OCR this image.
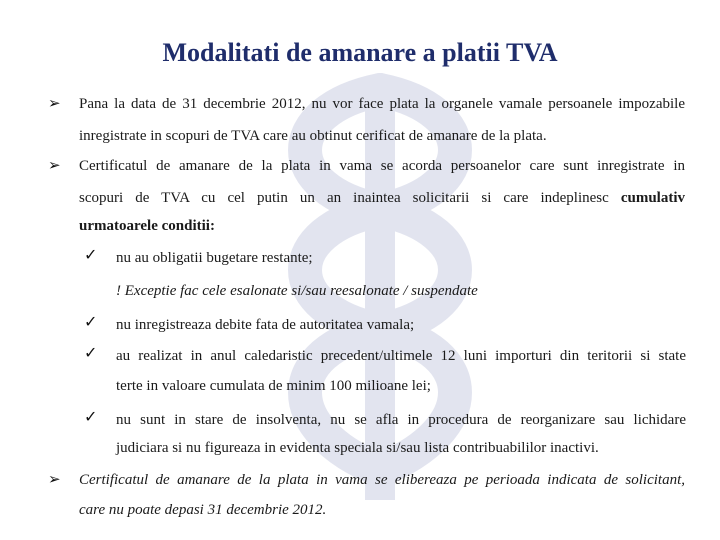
Modalitati de amanare a platii TVA
➢ Pana la data de 31 decembrie 2012, nu vor face plata la organele vamale persoanele impozabile
inregistrate in scopuri de TVA care au obtinut cerificat de amanare de la plata.
➢ Certificatul de amanare de la plata in vama se acorda persoanelor care sunt inregistrate in
scopuri de TVA cu cel putin un an inaintea solicitarii si care indeplinesc cumulativ
urmatoarele conditii:
✓ nu au obligatii bugetare restante;
! Exceptie fac cele esalonate si/sau reesalonate / suspendate
✓ nu inregistreaza debite fata de autoritatea vamala;
✓ au realizat in anul caledaristic precedent/ultimele 12 luni importuri din teritorii si state
terte in valoare cumulata de minim 100 milioane lei;
✓ nu sunt in stare de insolventa, nu se afla in procedura de reorganizare sau lichidare
judiciara si nu figureaza in evidenta speciala si/sau lista contribuabililor inactivi.
➢ Certificatul de amanare de la plata in vama se elibereaza pe perioada indicata de solicitant,
care nu poate depasi 31 decembrie 2012.
